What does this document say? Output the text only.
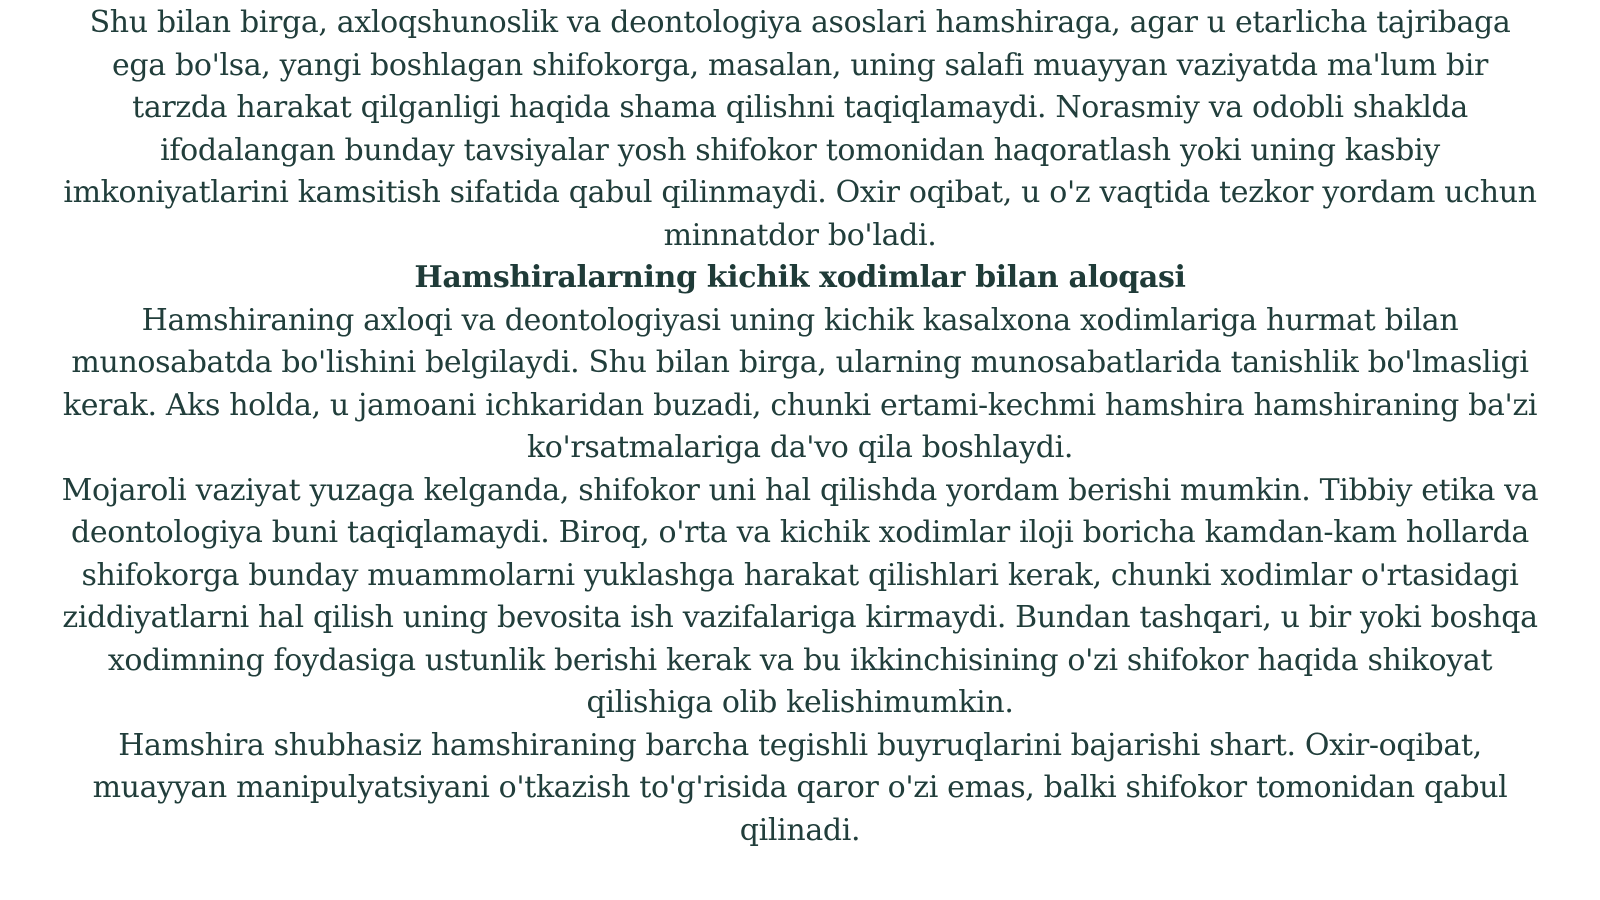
Shu bilan birga, axloqshunoslik va deontologiya asoslari hamshiraga, agar u etarlicha tajribaga ega bo'lsa, yangi boshlagan shifokorga, masalan, uning salafi muayyan vaziyatda ma'lum bir tarzda harakat qilganligi haqida shama qilishni taqiqlamaydi. Norasmiy va odobli shaklda ifodalangan bunday tavsiyalar yosh shifokor tomonidan haqoratlash yoki uning kasbiy imkoniyatlarini kamsitish sifatida qabul qilinmaydi. Oxir oqibat, u o'z vaqtida tezkor yordam uchun minnatdor bo'ladi.

Hamshiralarning kichik xodimlar bilan aloqasi

Hamshiraning axloqi va deontologiyasi uning kichik kasalxona xodimlariga hurmat bilan munosabatda bo'lishini belgilaydi. Shu bilan birga, ularning munosabatlarida tanishlik bo'lmasligi kerak. Aks holda, u jamoani ichkaridan buzadi, chunki ertami-kechmi hamshira hamshiraning ba'zi ko'rsatmalariga da'vo qila boshlaydi.

Mojaroli vaziyat yuzaga kelganda, shifokor uni hal qilishda yordam berishi mumkin. Tibbiy etika va deontologiya buni taqiqlamaydi. Biroq, o'rta va kichik xodimlar iloji boricha kamdan-kam hollarda shifokorga bunday muammolarni yuklashga harakat qilishlari kerak, chunki xodimlar o'rtasidagi ziddiyatlarni hal qilish uning bevosita ish vazifalariga kirmaydi. Bundan tashqari, u bir yoki boshqa xodimning foydasiga ustunlik berishi kerak va bu ikkinchisining o'zi shifokor haqida shikoyat qilishiga olib kelishimumkin.

Hamshira shubhasiz hamshiraning barcha tegishli buyruqlarini bajarishi shart. Oxir-oqibat, muayyan manipulyatsiyani o'tkazish to'g'risida qaror o'zi emas, balki shifokor tomonidan qabul qilinadi.
